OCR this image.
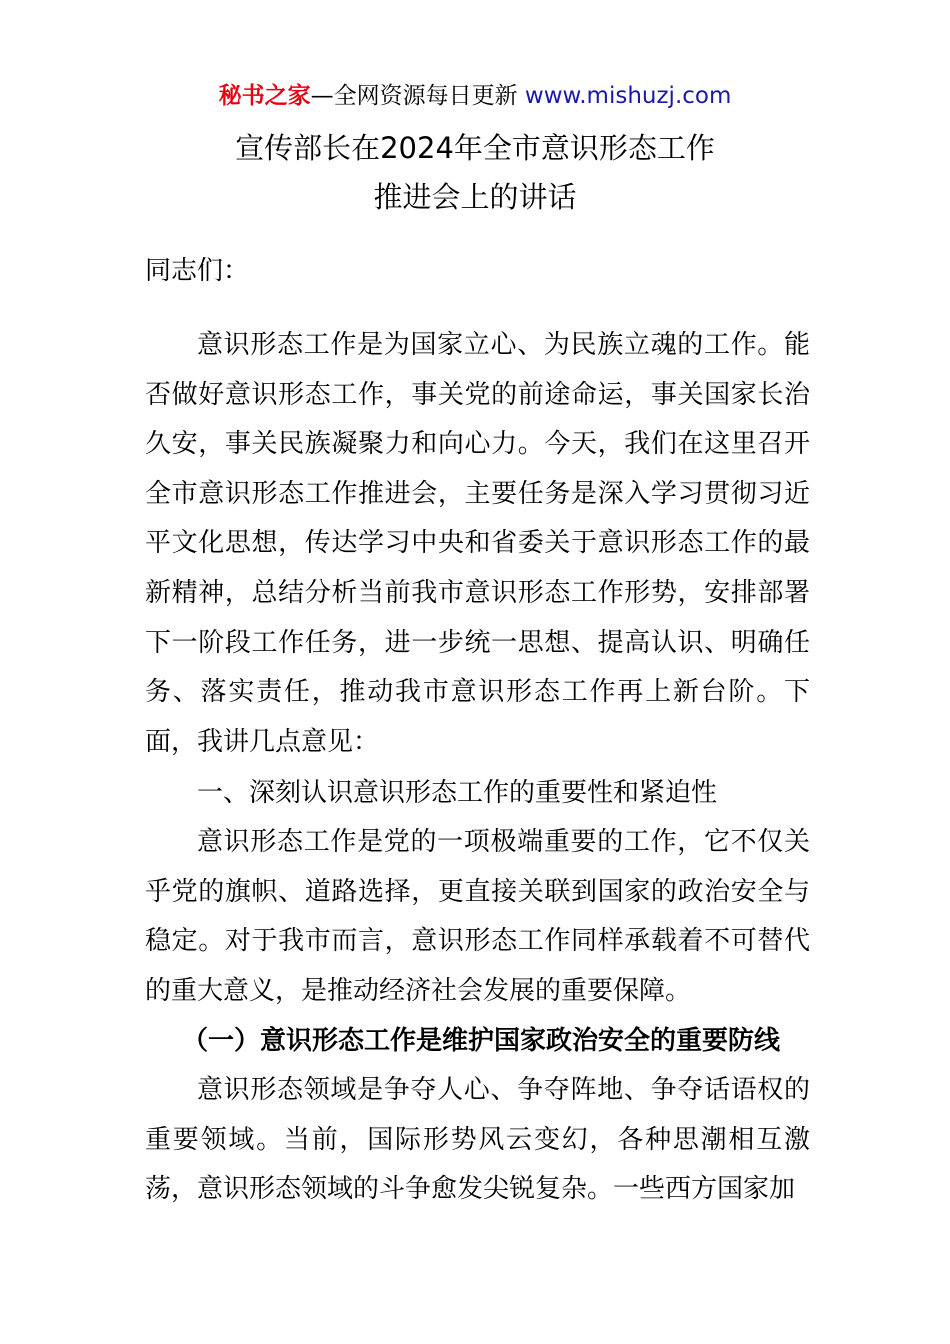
秘书之家—全网资源每日更新 www.mishuzj.com
宣传部长在2024年全市意识形态工作
推进会上的讲话
同志们：
意识形态工作是为国家立心、为民族立魂的工作。能否做好意识形态工作，事关党的前途命运，事关国家长治久安，事关民族凝聚力和向心力。今天，我们在这里召开全市意识形态工作推进会，主要任务是深入学习贯彻习近平文化思想，传达学习中央和省委关于意识形态工作的最新精神，总结分析当前我市意识形态工作形势，安排部署下一阶段工作任务，进一步统一思想、提高认识、明确任务、落实责任，推动我市意识形态工作再上新台阶。下面，我讲几点意见：
一、深刻认识意识形态工作的重要性和紧迫性
意识形态工作是党的一项极端重要的工作，它不仅关乎党的旗帜、道路选择，更直接关联到国家的政治安全与稳定。对于我市而言，意识形态工作同样承载着不可替代的重大意义，是推动经济社会发展的重要保障。
（一）意识形态工作是维护国家政治安全的重要防线
意识形态领域是争夺人心、争夺阵地、争夺话语权的重要领域。当前，国际形势风云变幻，各种思潮相互激荡，意识形态领域的斗争愈发尖锐复杂。一些西方国家加
